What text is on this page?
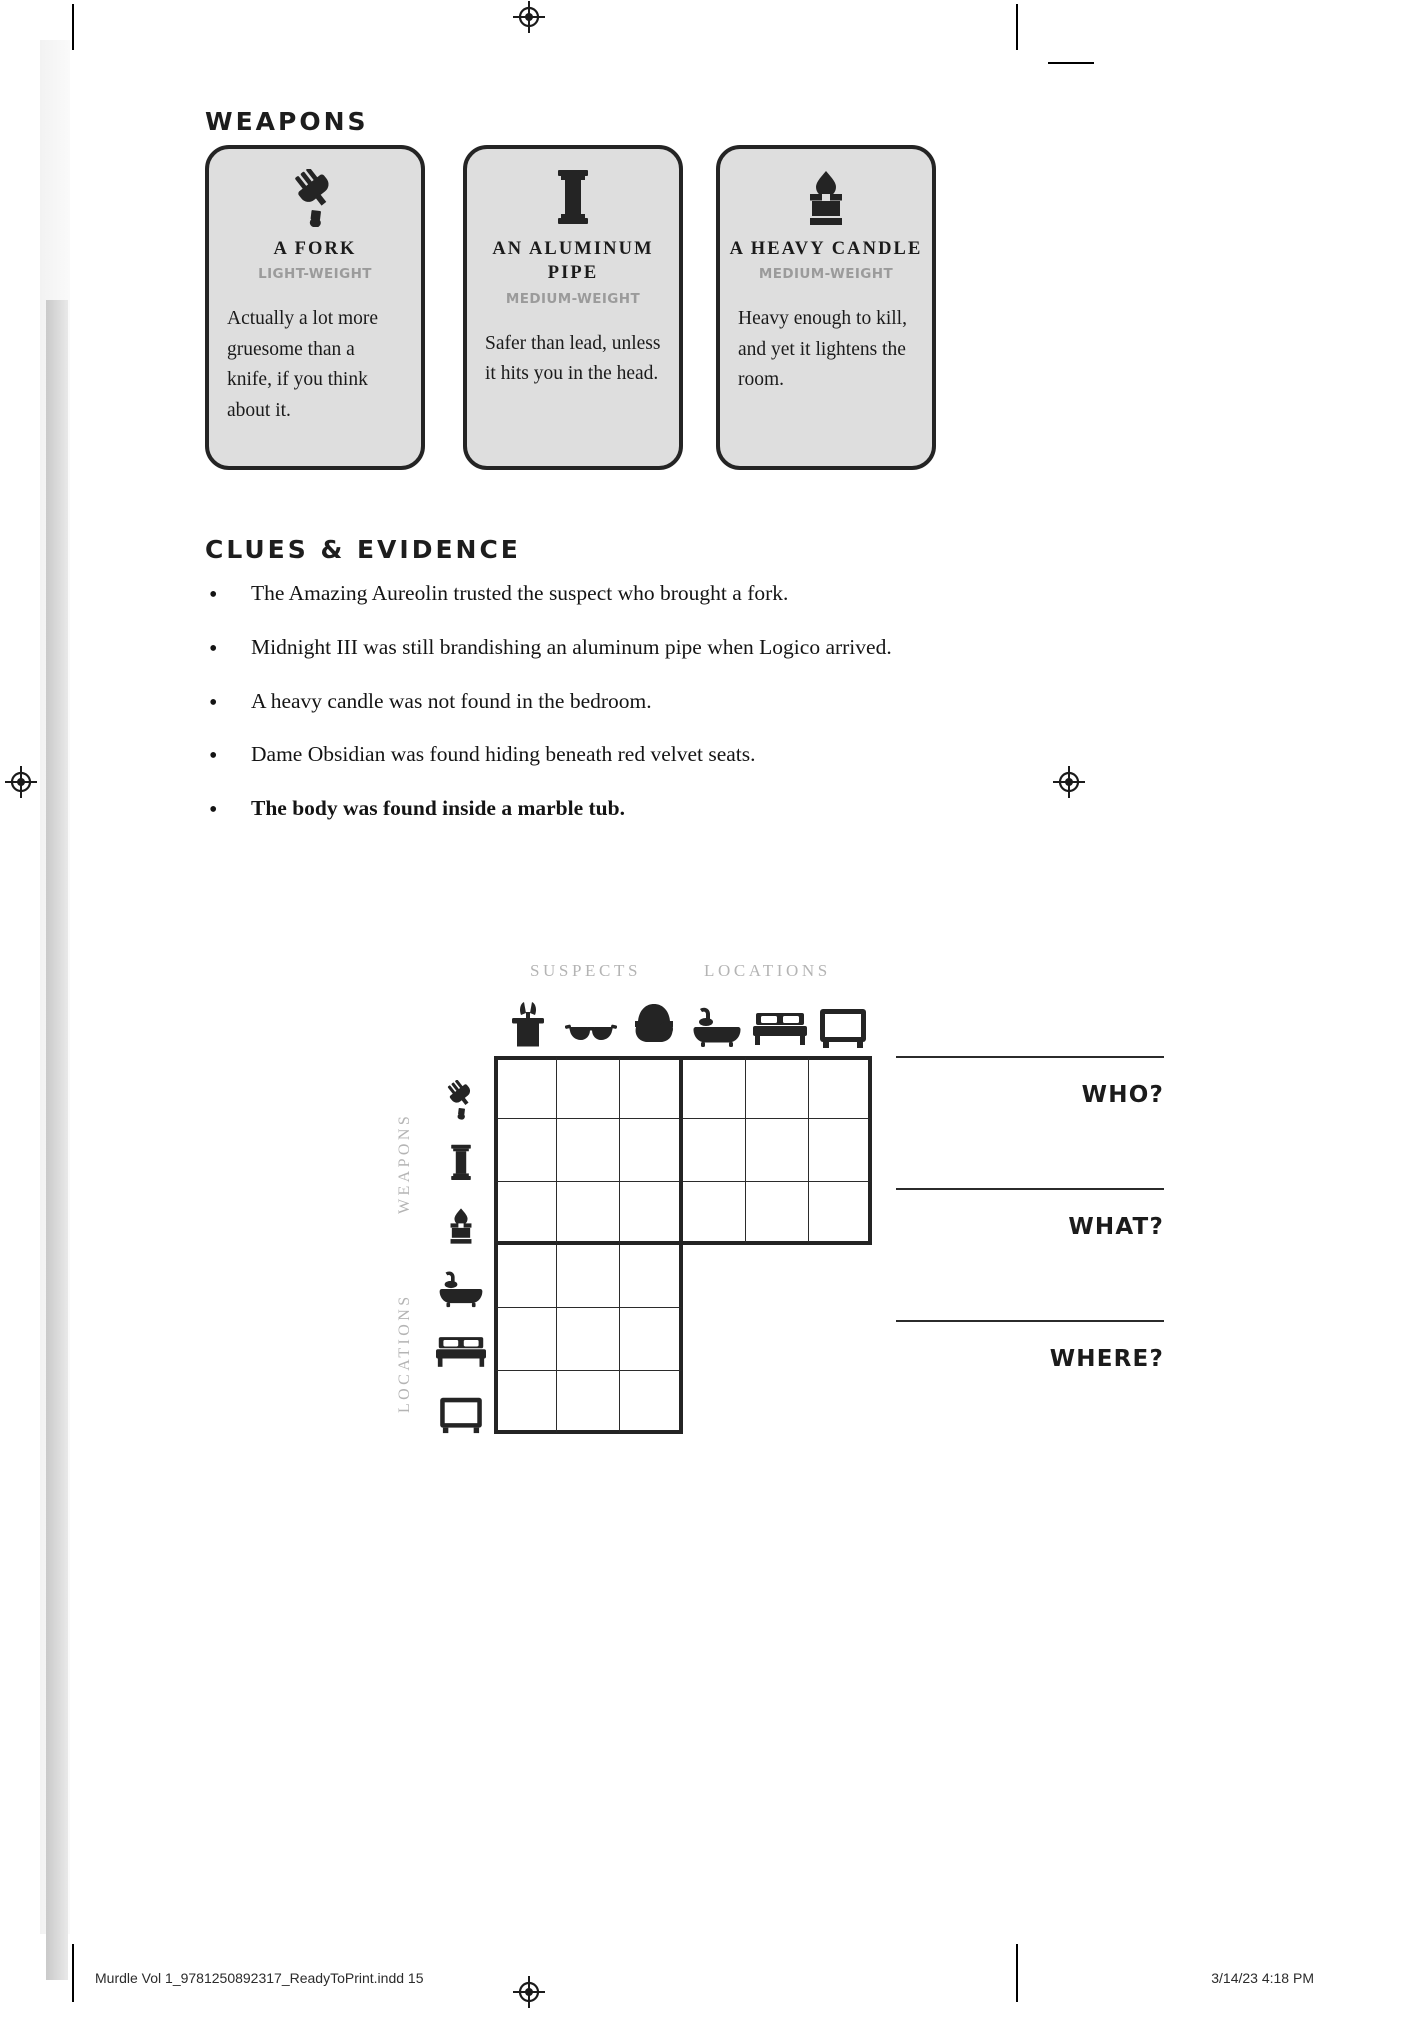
WEAPONS
A FORK
LIGHT-WEIGHT
Actually a lot more gruesome than a knife, if you think about it.
AN ALUMINUM PIPE
MEDIUM-WEIGHT
Safer than lead, unless it hits you in the head.
A HEAVY CANDLE
MEDIUM-WEIGHT
Heavy enough to kill, and yet it lightens the room.
CLUES & EVIDENCE
•	The Amazing Aureolin trusted the suspect who brought a fork.
•	Midnight III was still brandishing an aluminum pipe when Logico arrived.
•	A heavy candle was not found in the bedroom.
•	Dame Obsidian was found hiding beneath red velvet seats.
•	The body was found inside a marble tub.
SUSPECTS	LOCATIONS
WEAPONS
LOCATIONS
WHO?
WHAT?
WHERE?
Murdle Vol 1_9781250892317_ReadyToPrint.indd 15	3/14/23 4:18 PM
